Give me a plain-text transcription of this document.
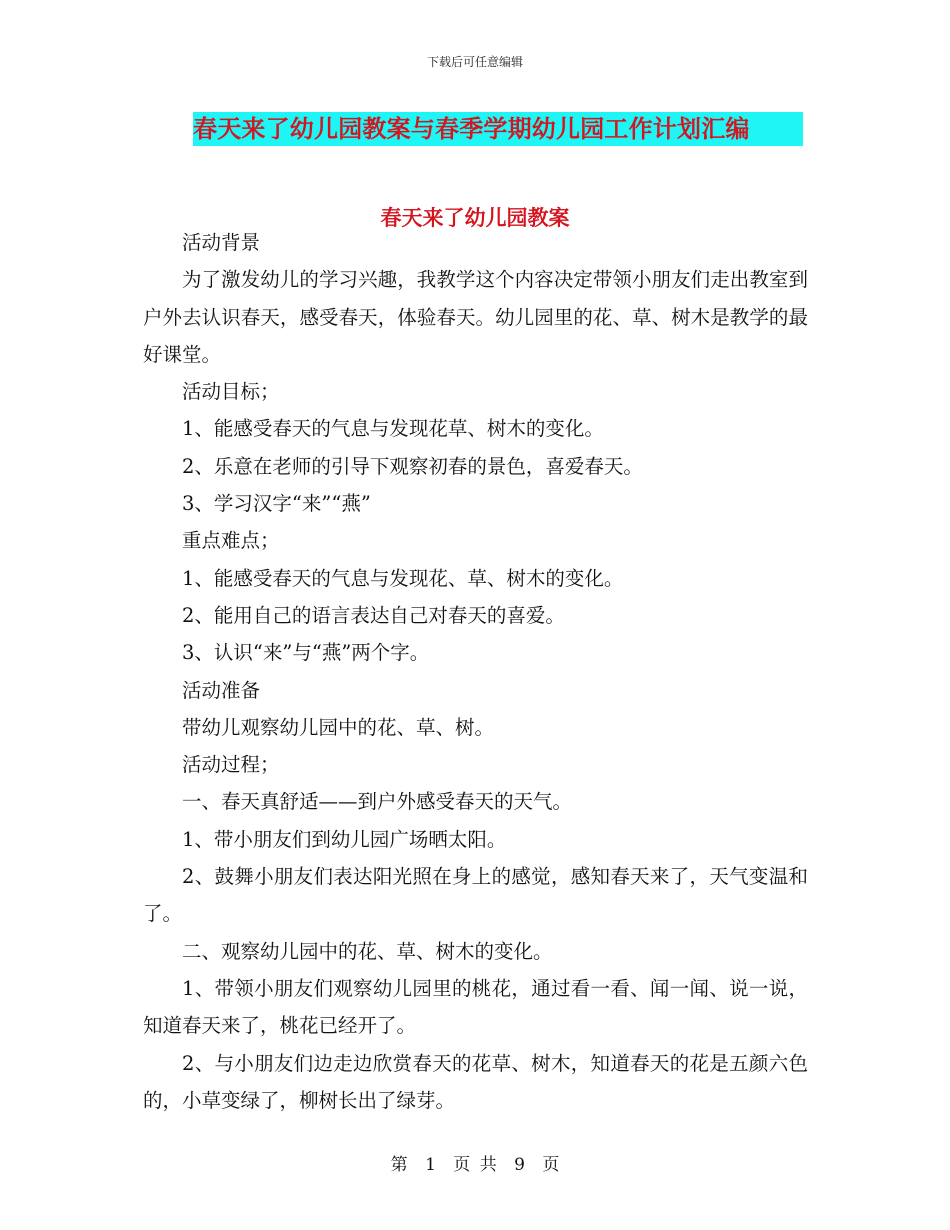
下载后可任意编辑
春天来了幼儿园教案与春季学期幼儿园工作计划汇编
春天来了幼儿园教案

活动背景

为了激发幼儿的学习兴趣，我教学这个内容决定带领小朋友们走出教室到户外去认识春天，感受春天，体验春天。幼儿园里的花、草、树木是教学的最好课堂。

活动目标；

1、能感受春天的气息与发现花草、树木的变化。

2、乐意在老师的引导下观察初春的景色，喜爱春天。

3、学习汉字“来”“燕”

重点难点；

1、能感受春天的气息与发现花、草、树木的变化。

2、能用自己的语言表达自己对春天的喜爱。

3、认识“来”与“燕”两个字。

活动准备

带幼儿观察幼儿园中的花、草、树。

活动过程；

一、春天真舒适——到户外感受春天的天气。

1、带小朋友们到幼儿园广场晒太阳。

2、鼓舞小朋友们表达阳光照在身上的感觉，感知春天来了，天气变温和了。

二、观察幼儿园中的花、草、树木的变化。

1、带领小朋友们观察幼儿园里的桃花，通过看一看、闻一闻、说一说，知道春天来了，桃花已经开了。

2、与小朋友们边走边欣赏春天的花草、树木，知道春天的花是五颜六色的，小草变绿了，柳树长出了绿芽。

第 1 页 共 9 页
